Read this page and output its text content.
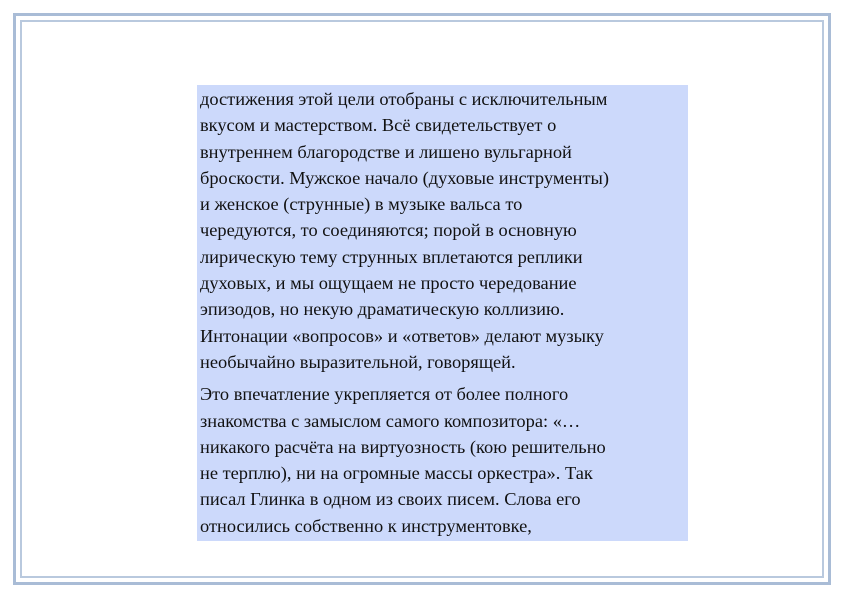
достижения этой цели отобраны с исключительным
вкусом и мастерством. Всё свидетельствует о
внутреннем благородстве и лишено вульгарной
броскости. Мужское начало (духовые инструменты)
и женское (струнные) в музыке вальса то
чередуются, то соединяются; порой в основную
лирическую тему струнных вплетаются реплики
духовых, и мы ощущаем не просто чередование
эпизодов, но некую драматическую коллизию.
Интонации «вопросов» и «ответов» делают музыку
необычайно выразительной, говорящей.

Это впечатление укрепляется от более полного
знакомства с замыслом самого композитора: «…
никакого расчёта на виртуозность (кою решительно
не терплю), ни на огромные массы оркестра». Так
писал Глинка в одном из своих писем. Слова его
относились собственно к инструментовке,
